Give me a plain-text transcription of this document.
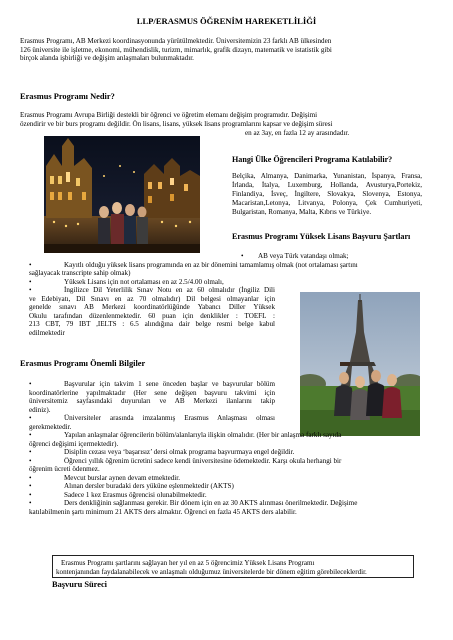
LLP/ERASMUS ÖĞRENİM HAREKETLİLİĞİ
Erasmus Programı, AB Merkezi koordinasyonunda yürütülmektedir. Üniversitemizin 23 farklı AB ülkesinden
126 üniversite ile işletme, ekonomi, mühendislik, turizm, mimarlık, grafik dizayn, matematik ve istatistik gibi
birçok alanda işbirliği ve değişim anlaşmaları bulunmaktadır.
Erasmus Programı Nedir?
Erasmus Programı Avrupa Birliği destekli bir öğrenci ve öğretim elemanı değişim programıdır. Değişimi
özendirir ve bir burs programı değildir. Ön lisans, lisans, yüksek lisans programlarını kapsar ve değişim süresi
en az 3ay, en fazla 12 ay arasındadır.
Hangi Ülke Öğrencileri Programa Katılabilir?
Belçika, Almanya, Danimarka, Yunanistan, İspanya, Fransa,
İrlanda, İtalya, Luxemburg, Hollanda, Avusturya,Portekiz,
Finlandiya, İsveç, İngiltere, Slovakya, Slovenya, Estonya,
Macaristan,Letonya, Litvanya, Polonya, Çek Cumhuriyeti,
Bulgaristan, Romanya, Malta, Kıbrıs ve Türkiye.
Erasmus Programı Yüksek Lisans Başvuru Şartları
• AB veya Türk vatandaşı olmak;
•	Kayıtlı olduğu yüksek lisans programında en az bir dönemini tamamlamış olmak (not ortalaması şartını
sağlayacak transcripte sahip olmak)
•	Yüksek Lisans için not ortalaması en az 2.5/4.00 olmalı,
•	İngilizce Dil Yeterlilik Sınav Notu en az 60 olmalıdır (İngiliz Dili
ve Edebiyatı, Dil Sınavı en az 70 olmalıdır) Dil belgesi olmayanlar için
genelde sınavı AB Merkezi koordinatörlüğünde Yabancı Diller Yüksek
Okulu tarafından düzenlenmektedir. 60 puan için denklikler : TOEFL :
213 CBT, 79 IBT ,IELTS : 6.5 alındığına dair belge resmi belge kabul
edilmektedir
Erasmus Programı Önemli Bilgiler
•	Başvurular için takvim 1 sene önceden başlar ve başvurular bölüm
koordinatörlerine yapılmaktadır (Her sene değişen başvuru takvimi için
üniversitemiz sayfasındaki duyuruları ve AB Merkezi ilanlarını takip
ediniz).
•	Üniversiteler arasında imzalanmış Erasmus Anlaşması olması
gerekmektedir.
•	Yapılan anlaşmalar öğrencilerin bölüm/alanlarıyla ilişkin olmalıdır. (Her bir anlaşma farklı sayıda
öğrenci değişimi içermektedir).
•	Disiplin cezası veya ‘başarısız’ dersi olmak programa başvurmaya engel değildir.
•	Öğrenci yıllık öğrenim ücretini sadece kendi üniversitesine ödemektedir. Karşı okula herhangi bir
öğrenim ücreti ödenmez.
•	Mevcut burslar aynen devam etmektedir.
•	Alınan dersler buradaki ders yüküne eşlenmektedir (AKTS)
•	Sadece 1 kez Erasmus öğrencisi olunabilmektedir.
•	Ders denkliğinin sağlanması gerekir. Bir dönem için en az 30 AKTS alınması önerilmektedir. Değişime
katılabilmenin şartı minimum 21 AKTS ders almaktır. Öğrenci en fazla 45 AKTS ders alabilir.
Erasmus Programı şartlarını sağlayan her yıl en az 5 öğrencimiz Yüksek Lisans Programı
kontenjanından faydalanabilecek ve anlaşmalı olduğumuz üniversitelerde bir dönem eğitim görebileceklerdir.
Başvuru Süreci
